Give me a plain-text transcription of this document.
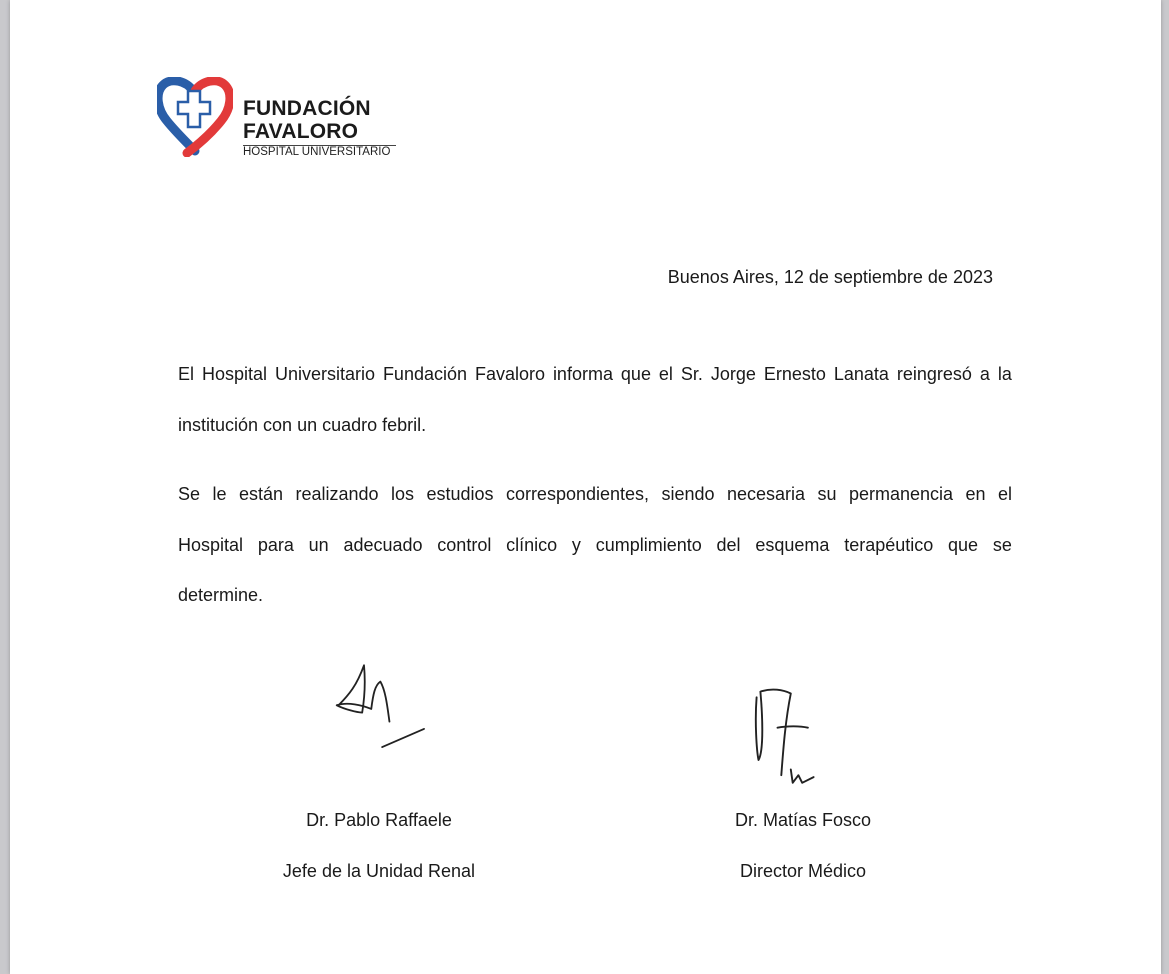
FUNDACIÓN
FAVALORO
HOSPITAL UNIVERSITARIO
Buenos Aires, 12 de septiembre de 2023
El Hospital Universitario Fundación Favaloro informa que el Sr. Jorge Ernesto Lanata reingresó a la
institución con un cuadro febril.
Se le están realizando los estudios correspondientes, siendo necesaria su permanencia en el
Hospital para un adecuado control clínico y cumplimiento del esquema terapéutico que se
determine.
Dr. Pablo Raffaele
Jefe de la Unidad Renal
Dr. Matías Fosco
Director Médico
